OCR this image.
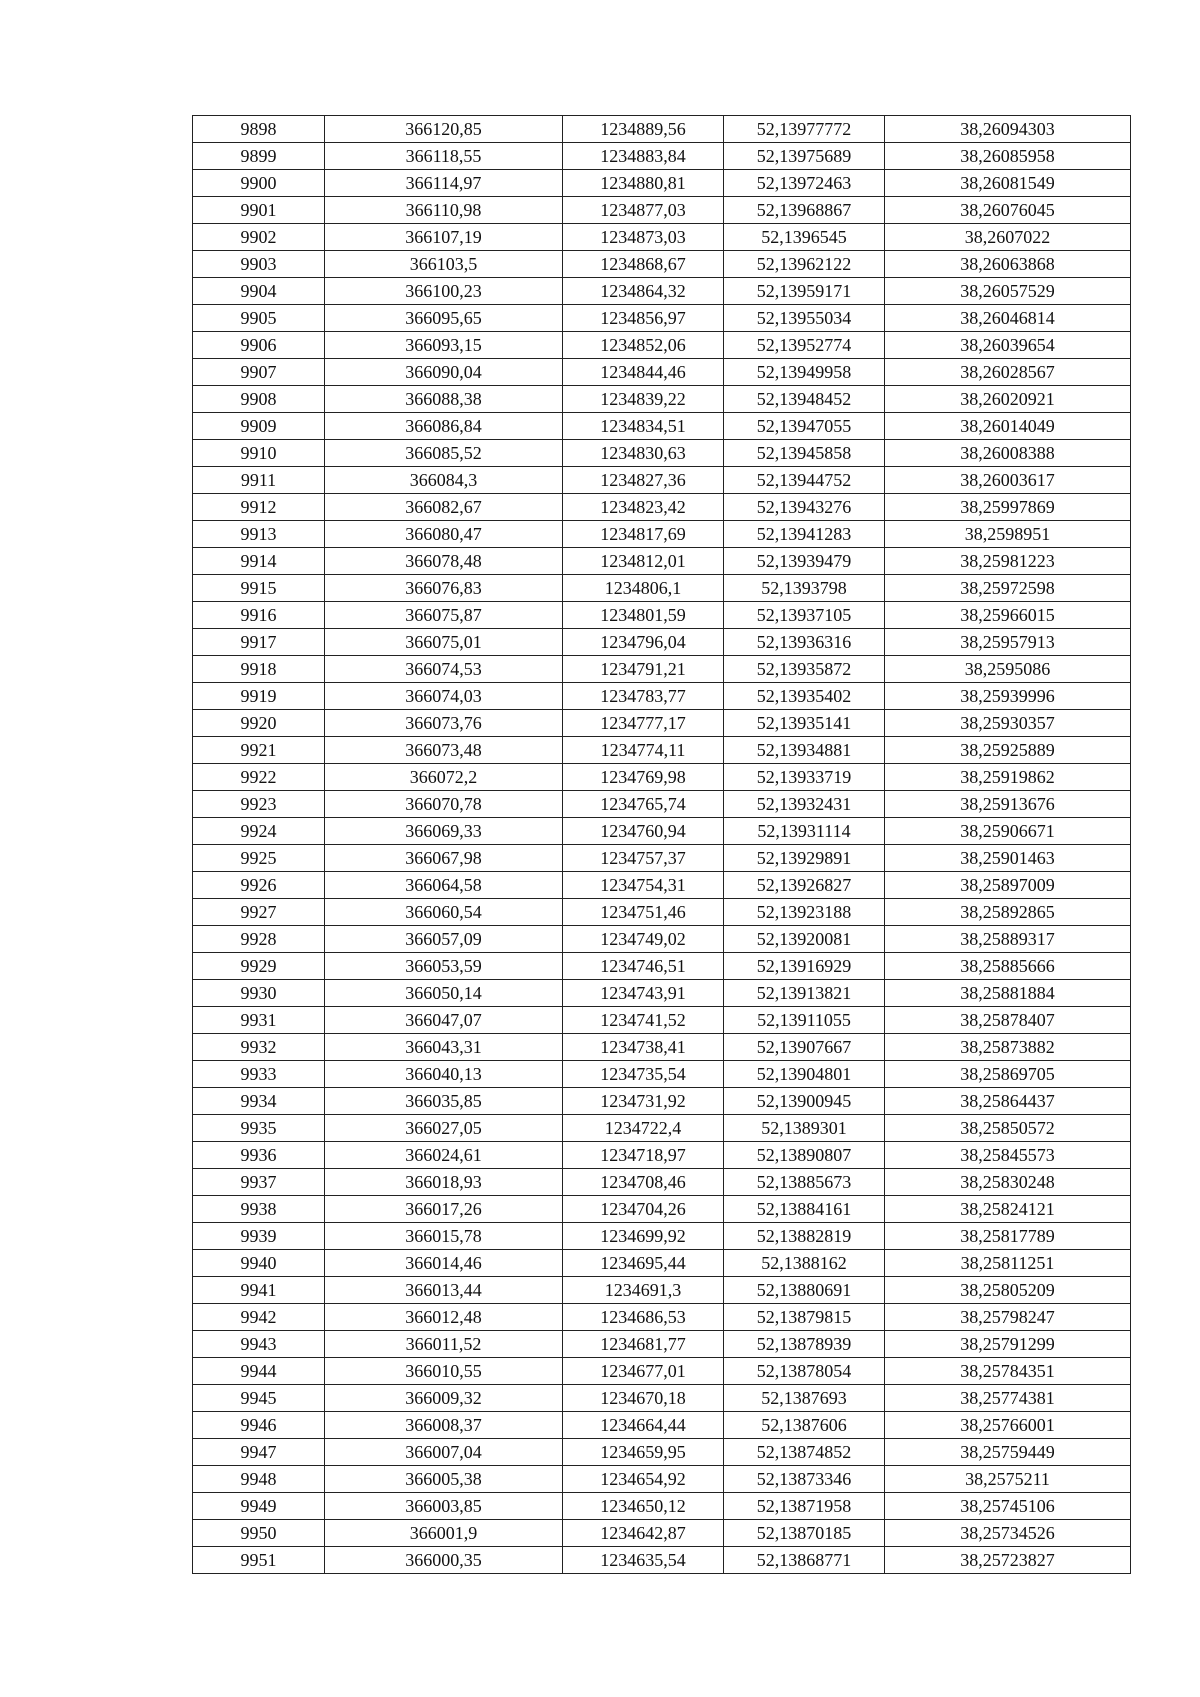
9898	366120,85	1234889,56	52,13977772	38,26094303
9899	366118,55	1234883,84	52,13975689	38,26085958
9900	366114,97	1234880,81	52,13972463	38,26081549
9901	366110,98	1234877,03	52,13968867	38,26076045
9902	366107,19	1234873,03	52,1396545	38,2607022
9903	366103,5	1234868,67	52,13962122	38,26063868
9904	366100,23	1234864,32	52,13959171	38,26057529
9905	366095,65	1234856,97	52,13955034	38,26046814
9906	366093,15	1234852,06	52,13952774	38,26039654
9907	366090,04	1234844,46	52,13949958	38,26028567
9908	366088,38	1234839,22	52,13948452	38,26020921
9909	366086,84	1234834,51	52,13947055	38,26014049
9910	366085,52	1234830,63	52,13945858	38,26008388
9911	366084,3	1234827,36	52,13944752	38,26003617
9912	366082,67	1234823,42	52,13943276	38,25997869
9913	366080,47	1234817,69	52,13941283	38,2598951
9914	366078,48	1234812,01	52,13939479	38,25981223
9915	366076,83	1234806,1	52,1393798	38,25972598
9916	366075,87	1234801,59	52,13937105	38,25966015
9917	366075,01	1234796,04	52,13936316	38,25957913
9918	366074,53	1234791,21	52,13935872	38,2595086
9919	366074,03	1234783,77	52,13935402	38,25939996
9920	366073,76	1234777,17	52,13935141	38,25930357
9921	366073,48	1234774,11	52,13934881	38,25925889
9922	366072,2	1234769,98	52,13933719	38,25919862
9923	366070,78	1234765,74	52,13932431	38,25913676
9924	366069,33	1234760,94	52,13931114	38,25906671
9925	366067,98	1234757,37	52,13929891	38,25901463
9926	366064,58	1234754,31	52,13926827	38,25897009
9927	366060,54	1234751,46	52,13923188	38,25892865
9928	366057,09	1234749,02	52,13920081	38,25889317
9929	366053,59	1234746,51	52,13916929	38,25885666
9930	366050,14	1234743,91	52,13913821	38,25881884
9931	366047,07	1234741,52	52,13911055	38,25878407
9932	366043,31	1234738,41	52,13907667	38,25873882
9933	366040,13	1234735,54	52,13904801	38,25869705
9934	366035,85	1234731,92	52,13900945	38,25864437
9935	366027,05	1234722,4	52,1389301	38,25850572
9936	366024,61	1234718,97	52,13890807	38,25845573
9937	366018,93	1234708,46	52,13885673	38,25830248
9938	366017,26	1234704,26	52,13884161	38,25824121
9939	366015,78	1234699,92	52,13882819	38,25817789
9940	366014,46	1234695,44	52,1388162	38,25811251
9941	366013,44	1234691,3	52,13880691	38,25805209
9942	366012,48	1234686,53	52,13879815	38,25798247
9943	366011,52	1234681,77	52,13878939	38,25791299
9944	366010,55	1234677,01	52,13878054	38,25784351
9945	366009,32	1234670,18	52,1387693	38,25774381
9946	366008,37	1234664,44	52,1387606	38,25766001
9947	366007,04	1234659,95	52,13874852	38,25759449
9948	366005,38	1234654,92	52,13873346	38,2575211
9949	366003,85	1234650,12	52,13871958	38,25745106
9950	366001,9	1234642,87	52,13870185	38,25734526
9951	366000,35	1234635,54	52,13868771	38,25723827
